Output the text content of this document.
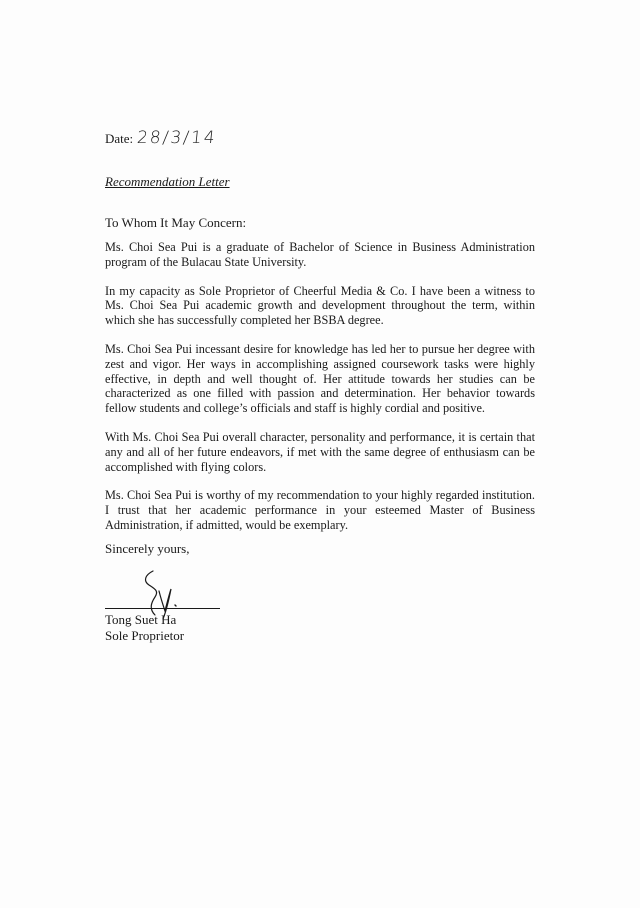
Date: 28/3/14
Recommendation Letter
To Whom It May Concern:

Ms. Choi Sea Pui is a graduate of Bachelor of Science in Business Administration program of the Bulacau State University.

In my capacity as Sole Proprietor of Cheerful Media & Co. I have been a witness to Ms. Choi Sea Pui academic growth and development throughout the term, within which she has successfully completed her BSBA degree.

Ms. Choi Sea Pui incessant desire for knowledge has led her to pursue her degree with zest and vigor. Her ways in accomplishing assigned coursework tasks were highly effective, in depth and well thought of. Her attitude towards her studies can be characterized as one filled with passion and determination. Her behavior towards fellow students and college’s officials and staff is highly cordial and positive.

With Ms. Choi Sea Pui overall character, personality and performance, it is certain that any and all of her future endeavors, if met with the same degree of enthusiasm can be accomplished with flying colors.

Ms. Choi Sea Pui is worthy of my recommendation to your highly regarded institution. I trust that her academic performance in your esteemed Master of Business Administration, if admitted, would be exemplary.

Sincerely yours,
Tong Suet Ha
Sole Proprietor
